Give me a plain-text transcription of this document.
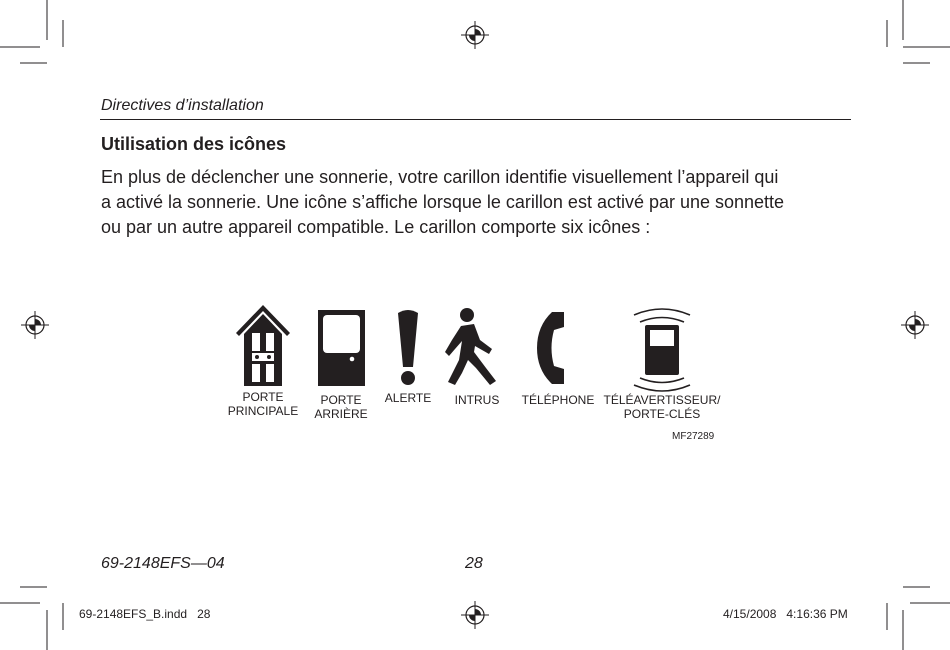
Directives d’installation
Utilisation des icônes
En plus de déclencher une sonnerie, votre carillon identifie visuellement l’appareil qui
a activé la sonnerie. Une icône s’affiche lorsque le carillon est activé par une sonnette
ou par un autre appareil compatible. Le carillon comporte six icônes :
PORTE
PRINCIPALE
PORTE
ARRIÈRE
ALERTE	INTRUS	TÉLÉPHONE TÉLÉAVERTISSEUR/
PORTE-CLÉS
MF27289
69-2148EFS—04	28
69-2148EFS_B.indd   28	4/15/2008   4:16:36 PM
